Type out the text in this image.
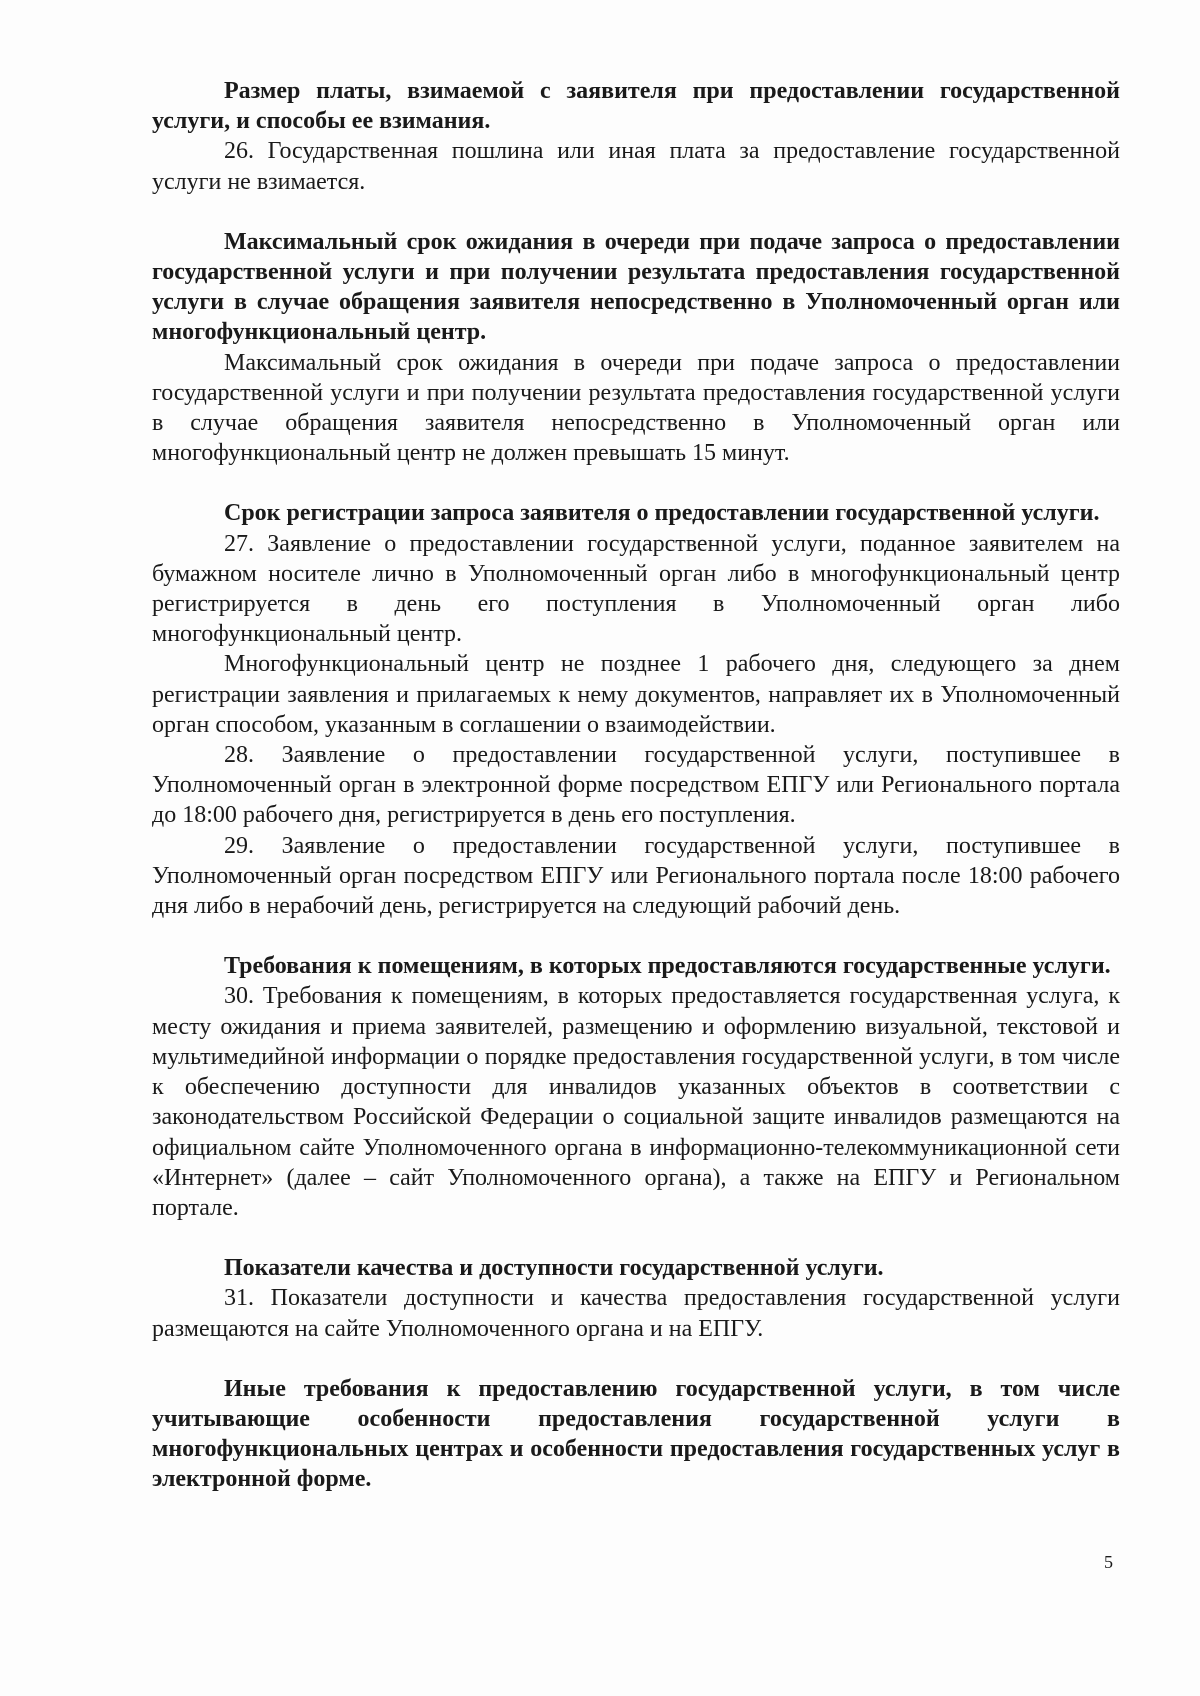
Размер платы, взимаемой с заявителя при предоставлении государственной услуги, и способы ее взимания.

26. Государственная пошлина или иная плата за предоставление государственной услуги не взимается.

Максимальный срок ожидания в очереди при подаче запроса о предоставлении государственной услуги и при получении результата предоставления государственной услуги в случае обращения заявителя непосредственно в Уполномоченный орган или многофункциональный центр.

Максимальный срок ожидания в очереди при подаче запроса о предоставлении государственной услуги и при получении результата предоставления государственной услуги в случае обращения заявителя непосредственно в Уполномоченный орган или многофункциональный центр не должен превышать 15 минут.

Срок регистрации запроса заявителя о предоставлении государственной услуги.

27. Заявление о предоставлении государственной услуги, поданное заявителем на бумажном носителе лично в Уполномоченный орган либо в многофункциональный центр регистрируется в день его поступления в Уполномоченный орган либо многофункциональный центр.

Многофункциональный центр не позднее 1 рабочего дня, следующего за днем регистрации заявления и прилагаемых к нему документов, направляет их в Уполномоченный орган способом, указанным в соглашении о взаимодействии.

28. Заявление о предоставлении государственной услуги, поступившее в Уполномоченный орган в электронной форме посредством ЕПГУ или Регионального портала до 18:00 рабочего дня, регистрируется в день его поступления.

29. Заявление о предоставлении государственной услуги, поступившее в Уполномоченный орган посредством ЕПГУ или Регионального портала после 18:00 рабочего дня либо в нерабочий день, регистрируется на следующий рабочий день.

Требования к помещениям, в которых предоставляются государственные услуги.

30. Требования к помещениям, в которых предоставляется государственная услуга, к месту ожидания и приема заявителей, размещению и оформлению визуальной, текстовой и мультимедийной информации о порядке предоставления государственной услуги, в том числе к обеспечению доступности для инвалидов указанных объектов в соответствии с законодательством Российской Федерации о социальной защите инвалидов размещаются на официальном сайте Уполномоченного органа в информационно-телекоммуникационной сети «Интернет» (далее – сайт Уполномоченного органа), а также на ЕПГУ и Региональном портале.

Показатели качества и доступности государственной услуги.

31. Показатели доступности и качества предоставления государственной услуги размещаются на сайте Уполномоченного органа и на ЕПГУ.

Иные требования к предоставлению государственной услуги, в том числе учитывающие особенности предоставления государственной услуги в многофункциональных центрах и особенности предоставления государственных услуг в электронной форме.

5
